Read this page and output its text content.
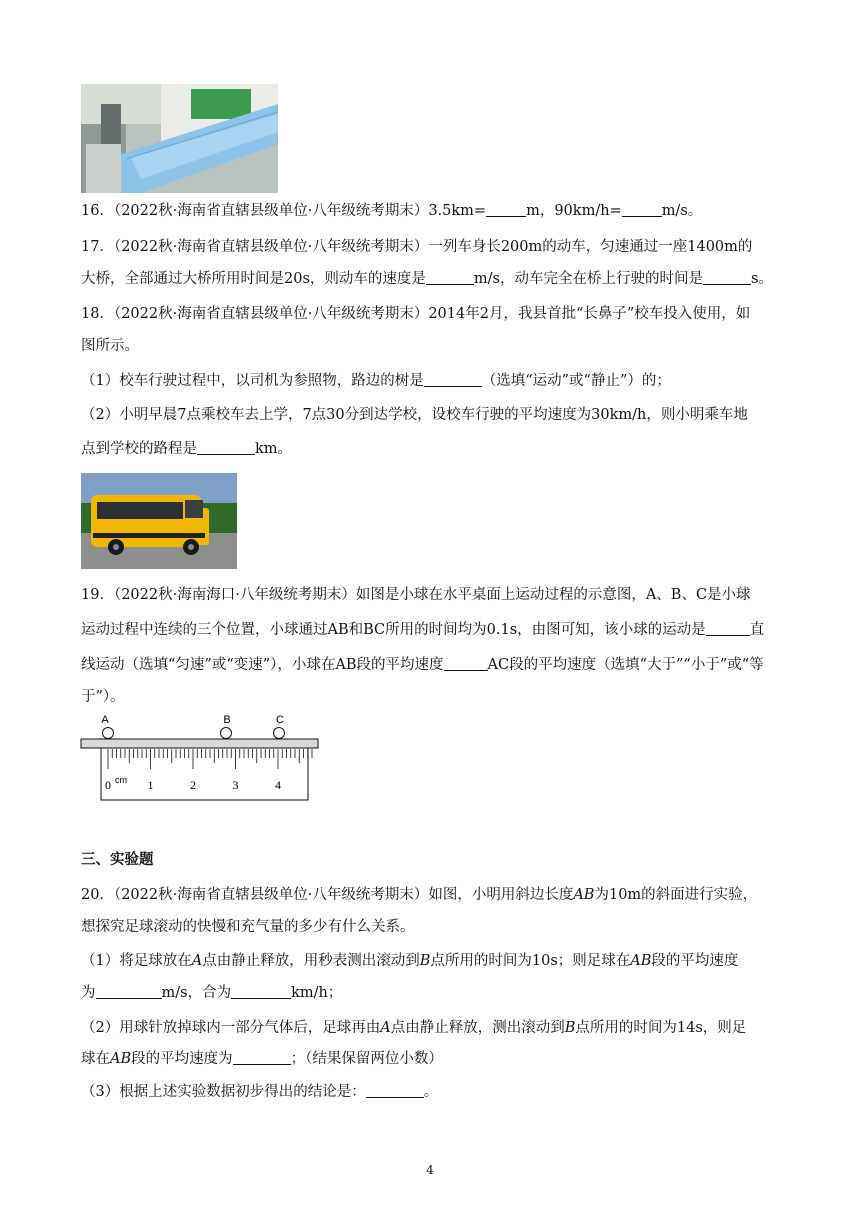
16．（2022秋·海南省直辖县级单位·八年级统考期末）3.5km=	m，90km/h=	m/s。
17．（2022秋·海南省直辖县级单位·八年级统考期末）一列车身长200m的动车，匀速通过一座1400m的
大桥，全部通过大桥所用时间是20s，则动车的速度是	m/s，动车完全在桥上行驶的时间是	s。
18．（2022秋·海南省直辖县级单位·八年级统考期末）2014年2月，我县首批“长鼻子”校车投入使用，如
图所示。
（1）校车行驶过程中，以司机为参照物，路边的树是	（选填“运动”或“静止”）的；
（2）小明早晨7点乘校车去上学，7点30分到达学校，设校车行驶的平均速度为30km/h，则小明乘车地
点到学校的路程是	km。
19．（2022秋·海南海口·八年级统考期末）如图是小球在水平桌面上运动过程的示意图，A、B、C是小球
运动过程中连续的三个位置，小球通过AB和BC所用的时间均为0.1s，由图可知，该小球的运动是	直
线运动（选填“匀速”或“变速”），小球在AB段的平均速度	AC段的平均速度（选填“大于”“小于”或“等
于”）。
A	B	C
cm
0	1	2	3	4
三、实验题
20．（2022秋·海南省直辖县级单位·八年级统考期末）如图，小明用斜边长度AB为10m的斜面进行实验，
想探究足球滚动的快慢和充气量的多少有什么关系。
（1）将足球放在A点由静止释放，用秒表测出滚动到B点所用的时间为10s；则足球在AB段的平均速度
为	m/s，合为	km/h；
（2）用球针放掉球内一部分气体后，足球再由A点由静止释放，测出滚动到B点所用的时间为14s，则足
球在AB段的平均速度为	；（结果保留两位小数）
（3）根据上述实验数据初步得出的结论是：	。
4
